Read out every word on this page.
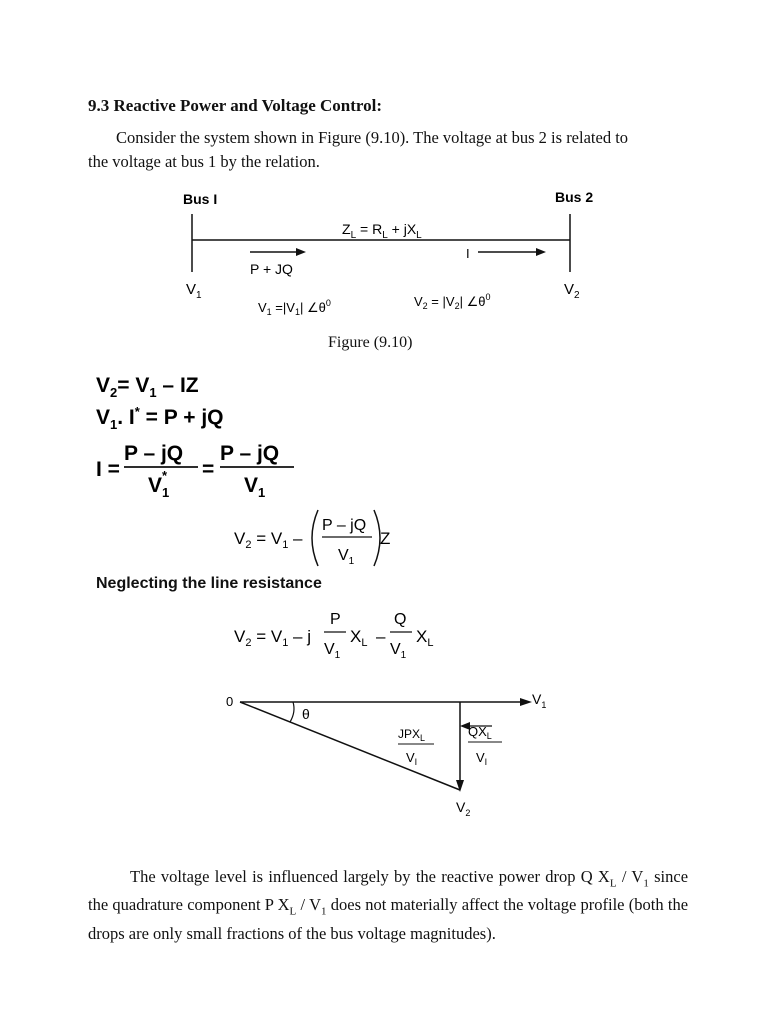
9.3 Reactive Power and Voltage Control:
Consider the system shown in Figure (9.10). The voltage at bus 2 is related to
the voltage at bus 1 by the relation.
Bus I	Bus 2
$Z_L = R_L + jX_L$
P + JQ
I
$V_1$	$V_2$
$V_1 =|V_1|$ $\angle\theta^0$	$V_2 = |V_2|$ $\angle\theta^0$
Figure (9.10)
$V_2= V_1$ – IZ
$V_1$. I* = P + jQ
I =
P – jQ
$V_1$
* =
P – jQ
$V_1$
$V_2 = V_1$ –
P – jQ
$V_1$
Z
Neglecting the line resistance
$V_2 = V_1 - j$
P
$V_1$
$X_L$ –
Q
$V_1$
$X_L$
0	$V_1$
θ
$JPX_L$
$V_I$
$QX_L$
$V_I$
$V_2$
The voltage level is influenced largely by the reactive power drop Q $X_L / V_1$ since the quadrature component P $X_L / V_1$ does not materially affect the voltage profile (both the drops are only small fractions of the bus voltage magnitudes).
